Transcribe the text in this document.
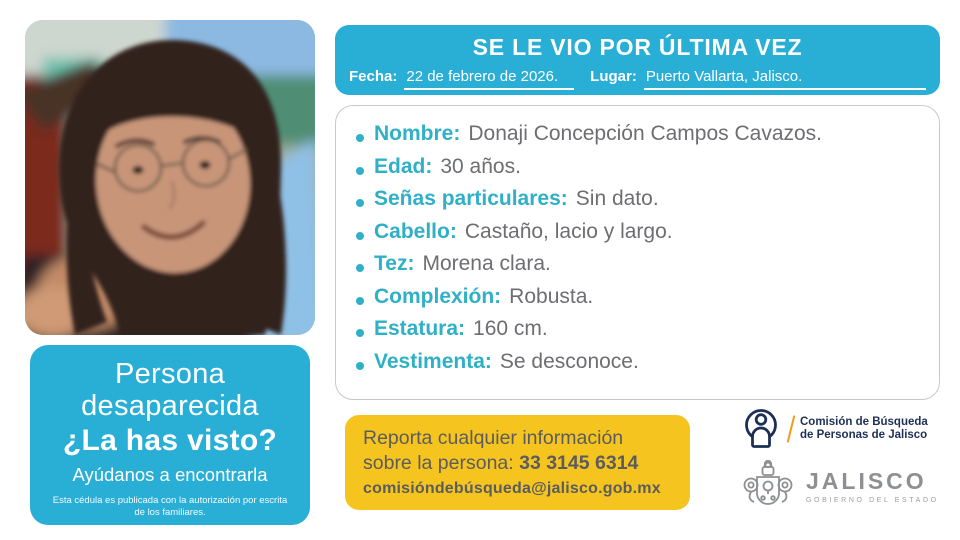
Persona
desaparecida
¿La has visto?
Ayúdanos a encontrarla
Esta cédula es publicada con la autorización por escrita de los familiares.
SE LE VIO POR ÚLTIMA VEZ
Fecha: 22 de febrero de 2026.	Lugar: Puerto Vallarta, Jalisco.
Nombre: Donaji Concepción Campos Cavazos.
Edad: 30 años.
Señas particulares: Sin dato.
Cabello: Castaño, lacio y largo.
Tez: Morena clara.
Complexión: Robusta.
Estatura: 160 cm.
Vestimenta: Se desconoce.
Reporta cualquier información
sobre la persona: 33 3145 6314
comisióndebúsqueda@jalisco.gob.mx
Comisión de Búsqueda
de Personas de Jalisco
JALISCO
GOBIERNO DEL ESTADO
